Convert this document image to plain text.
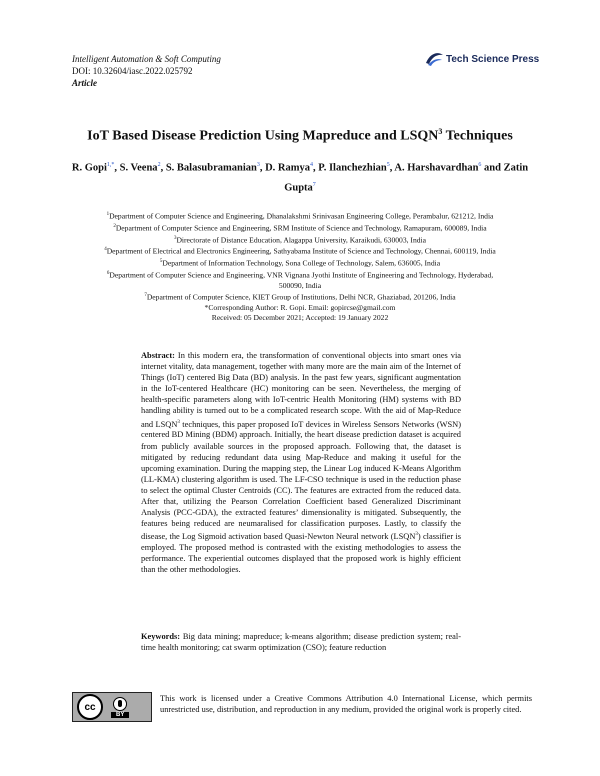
Intelligent Automation & Soft Computing
DOI: 10.32604/iasc.2022.025792
Article
Tech Science Press
IoT Based Disease Prediction Using Mapreduce and LSQN$^3$ Techniques
R. Gopi$^{1,*}$, S. Veena$^2$, S. Balasubramanian$^3$, D. Ramya$^4$, P. Ilanchezhian$^5$, A. Harshavardhan$^6$ and Zatin Gupta$^7$
$^1$Department of Computer Science and Engineering, Dhanalakshmi Srinivasan Engineering College, Perambalur, 621212, India
$^2$Department of Computer Science and Engineering, SRM Institute of Science and Technology, Ramapuram, 600089, India
$^3$Directorate of Distance Education, Alagappa University, Karaikudi, 630003, India
$^4$Department of Electrical and Electronics Engineering, Sathyabama Institute of Science and Technology, Chennai, 600119, India
$^5$Department of Information Technology, Sona College of Technology, Salem, 636005, India
$^6$Department of Computer Science and Engineering, VNR Vignana Jyothi Institute of Engineering and Technology, Hyderabad,
500090, India
$^7$Department of Computer Science, KIET Group of Institutions, Delhi NCR, Ghaziabad, 201206, India
*Corresponding Author: R. Gopi. Email: gopircse@gmail.com
Received: 05 December 2021; Accepted: 19 January 2022
Abstract: In this modern era, the transformation of conventional objects into smart ones via internet vitality, data management, together with many more are the main aim of the Internet of Things (IoT) centered Big Data (BD) analysis. In the past few years, significant augmentation in the IoT-centered Healthcare (HC) monitoring can be seen. Nevertheless, the merging of health-specific parameters along with IoT-centric Health Monitoring (HM) systems with BD handling ability is turned out to be a complicated research scope. With the aid of Map-Reduce and LSQN$^3$ techniques, this paper proposed IoT devices in Wireless Sensors Networks (WSN) centered BD Mining (BDM) approach. Initially, the heart disease prediction dataset is acquired from publicly available sources in the proposed approach. Following that, the dataset is mitigated by reducing redundant data using Map-Reduce and making it useful for the upcoming examination. During the mapping step, the Linear Log induced K-Means Algorithm (LL-KMA) clustering algorithm is used. The LF-CSO technique is used in the reduction phase to select the optimal Cluster Centroids (CC). The features are extracted from the reduced data. After that, utilizing the Pearson Correlation Coefficient based Generalized Discriminant Analysis (PCC-GDA), the extracted features’ dimensionality is mitigated. Subsequently, the features being reduced are neumaralised for classification purposes. Lastly, to classify the disease, the Log Sigmoid activation based Quasi-Newton Neural network (LSQN$^3$) classifier is employed. The proposed method is contrasted with the existing methodologies to assess the performance. The experiential outcomes displayed that the proposed work is highly efficient than the other methodologies.
Keywords: Big data mining; mapreduce; k-means algorithm; disease prediction system; real-time health monitoring; cat swarm optimization (CSO); feature reduction
cc
BY
This work is licensed under a Creative Commons Attribution 4.0 International License, which permits unrestricted use, distribution, and reproduction in any medium, provided the original work is properly cited.
